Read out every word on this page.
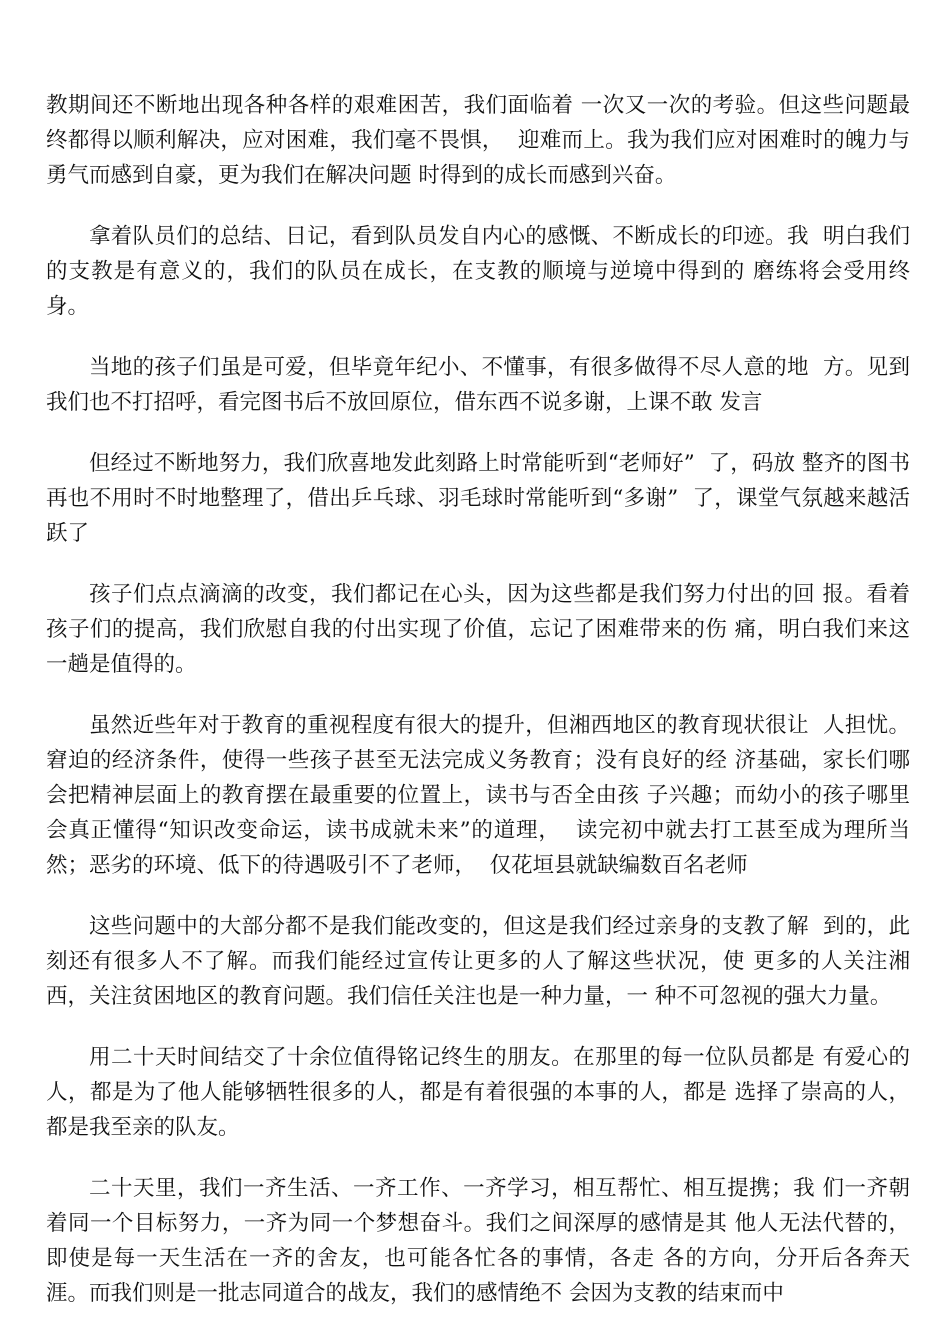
教期间还不断地出现各种各样的艰难困苦，我们面临着 一次又一次的考验。但这些问题最终都得以顺利解决，应对困难，我们毫不畏惧，  迎难而上。我为我们应对困难时的魄力与勇气而感到自豪，更为我们在解决问题 时得到的成长而感到兴奋。

拿着队员们的总结、日记，看到队员发自内心的感慨、不断成长的印迹。我  明白我们的支教是有意义的，我们的队员在成长，在支教的顺境与逆境中得到的 磨练将会受用终身。

当地的孩子们虽是可爱，但毕竟年纪小、不懂事，有很多做得不尽人意的地  方。见到我们也不打招呼，看完图书后不放回原位，借东西不说多谢，上课不敢 发言

但经过不断地努力，我们欣喜地发此刻路上时常能听到“老师好”  了，码放 整齐的图书再也不用时不时地整理了，借出乒乓球、羽毛球时常能听到“多谢”  了，课堂气氛越来越活跃了

孩子们点点滴滴的改变，我们都记在心头，因为这些都是我们努力付出的回 报。看着孩子们的提高，我们欣慰自我的付出实现了价值，忘记了困难带来的伤 痛，明白我们来这一趟是值得的。

虽然近些年对于教育的重视程度有很大的提升，但湘西地区的教育现状很让  人担忧。窘迫的经济条件，使得一些孩子甚至无法完成义务教育；没有良好的经 济基础，家长们哪会把精神层面上的教育摆在最重要的位置上，读书与否全由孩 子兴趣；而幼小的孩子哪里会真正懂得“知识改变命运，读书成就未来”的道理，  读完初中就去打工甚至成为理所当然；恶劣的环境、低下的待遇吸引不了老师，  仅花垣县就缺编数百名老师

这些问题中的大部分都不是我们能改变的，但这是我们经过亲身的支教了解  到的，此刻还有很多人不了解。而我们能经过宣传让更多的人了解这些状况，使 更多的人关注湘西，关注贫困地区的教育问题。我们信任关注也是一种力量，一 种不可忽视的强大力量。

用二十天时间结交了十余位值得铭记终生的朋友。在那里的每一位队员都是 有爱心的人，都是为了他人能够牺牲很多的人，都是有着很强的本事的人，都是 选择了崇高的人，都是我至亲的队友。

二十天里，我们一齐生活、一齐工作、一齐学习，相互帮忙、相互提携；我 们一齐朝着同一个目标努力，一齐为同一个梦想奋斗。我们之间深厚的感情是其 他人无法代替的，即使是每一天生活在一齐的舍友，也可能各忙各的事情，各走 各的方向，分开后各奔天涯。而我们则是一批志同道合的战友，我们的感情绝不 会因为支教的结束而中
